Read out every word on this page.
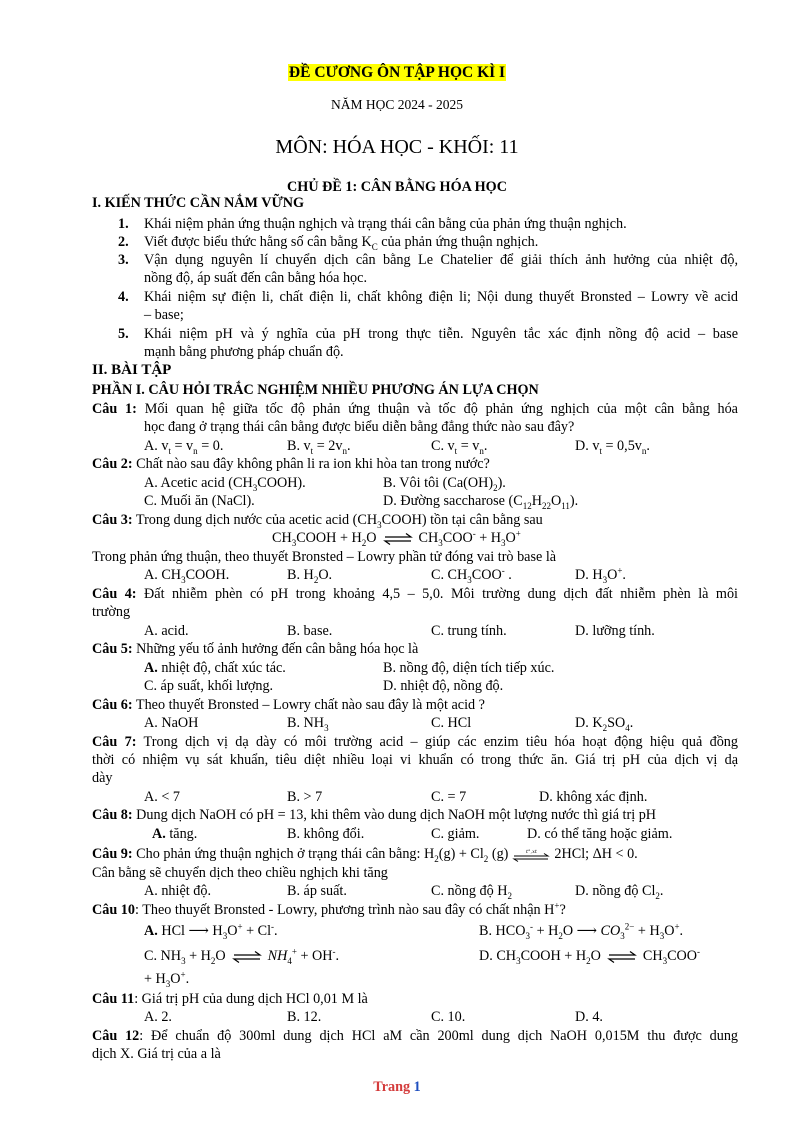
ĐỀ CƯƠNG ÔN TẬP HỌC KÌ I
NĂM HỌC 2024 - 2025
MÔN: HÓA HỌC - KHỐI: 11
CHỦ ĐỀ 1: CÂN BẰNG HÓA HỌC
I. KIẾN THỨC CẦN NẮM VỮNG
1. Khái niệm phản ứng thuận nghịch và trạng thái cân bằng của phản ứng thuận nghịch.
2. Viết được biểu thức hằng số cân bằng $K_C$ của phản ứng thuận nghịch.
3. Vận dụng nguyên lí chuyển dịch cân bằng Le Chatelier để giải thích ảnh hưởng của nhiệt độ,
nồng độ, áp suất đến cân bằng hóa học.
4. Khái niệm sự điện li, chất điện li, chất không điện li; Nội dung thuyết Bronsted – Lowry về acid
– base;
5. Khái niệm pH và ý nghĩa của pH trong thực tiễn. Nguyên tắc xác định nồng độ acid – base
mạnh bằng phương pháp chuẩn độ.
II. BÀI TẬP
PHẦN I. CÂU HỎI TRẮC NGHIỆM NHIỀU PHƯƠNG ÁN LỰA CHỌN
Câu 1: Mối quan hệ giữa tốc độ phản ứng thuận và tốc độ phản ứng nghịch của một cân bằng hóa
học đang ở trạng thái cân bằng được biểu diễn bằng đẳng thức nào sau đây?
A. $v_t = v_n = 0$.	B. $v_t = 2v_n$.	C. $v_t = v_n$.	D. $v_t = 0,5v_n$.
Câu 2: Chất nào sau đây không phân li ra ion khi hòa tan trong nước?
A. Acetic acid $(CH_3COOH)$.	B. Vôi tôi $(Ca(OH)_2)$.
C. Muối ăn (NaCl).	D. Đường saccharose $(C_{12}H_{22}O_{11})$.
Câu 3: Trong dung dịch nước của acetic acid $(CH_3COOH)$ tồn tại cân bằng sau
$CH_3COOH + H_2O$ ⇌ $CH_3COO^- + H_3O^+$
Trong phản ứng thuận, theo thuyết Bronsted – Lowry phần tử đóng vai trò base là
A. $CH_3COOH$.	B. $H_2O$.	C. $CH_3COO^-$ .	D. $H_3O^+$.
Câu 4: Đất nhiễm phèn có pH trong khoảng 4,5 – 5,0. Môi trường dung dịch đất nhiễm phèn là môi
trường
A. acid.	B. base.	C. trung tính.	D. lưỡng tính.
Câu 5: Những yếu tố ảnh hưởng đến cân bằng hóa học là
A. nhiệt độ, chất xúc tác.	B. nồng độ, diện tích tiếp xúc.
C. áp suất, khối lượng.	D. nhiệt độ, nồng độ.
Câu 6: Theo thuyết Bronsted – Lowry chất nào sau đây là một acid ?
A. NaOH	B. $NH_3$	C. HCl	D. $K_2SO_4$.
Câu 7: Trong dịch vị dạ dày có môi trường acid – giúp các enzim tiêu hóa hoạt động hiệu quả đồng
thời có nhiệm vụ sát khuẩn, tiêu diệt nhiều loại vi khuẩn có trong thức ăn. Giá trị pH của dịch vị dạ
dày
A. < 7	B. > 7	C. = 7	D. không xác định.
Câu 8: Dung dịch NaOH có pH = 13, khi thêm vào dung dịch NaOH một lượng nước thì giá trị pH
A. tăng.	B. không đổi.	C. giảm.	D. có thể tăng hoặc giảm.
Câu 9: Cho phản ứng thuận nghịch ở trạng thái cân bằng: $H_2(g) + Cl_2$ (g)	t°,xt 2HCl; ΔH < 0.
Cân bằng sẽ chuyển dịch theo chiều nghịch khi tăng
A. nhiệt độ.	B. áp suất.	C. nồng độ $H_2$	D. nồng độ $Cl_2$.
Câu 10: Theo thuyết Bronsted - Lowry, phương trình nào sau đây có chất nhận H+?
A. HCl ⟶ $H_3O^+ + Cl^-$.	B. $HCO_3^- + H_2O$ ⟶ $CO_3^{2-} + H_3O^+$.
C. $NH_3 + H_2O$ ⇌ $NH_4^+ + OH^-$.	D. $CH_3COOH + H_2O$ ⇌ $CH_3COO^-$
+ $H_3O^+$.
Câu 11: Giá trị pH của dung dịch HCl 0,01 M là
A. 2.	B. 12.	C. 10.	D. 4.
Câu 12: Để chuẩn độ 300ml dung dịch HCl aM cần 200ml dung dịch NaOH 0,015M thu được dung
dịch X. Giá trị của a là
Trang 1
